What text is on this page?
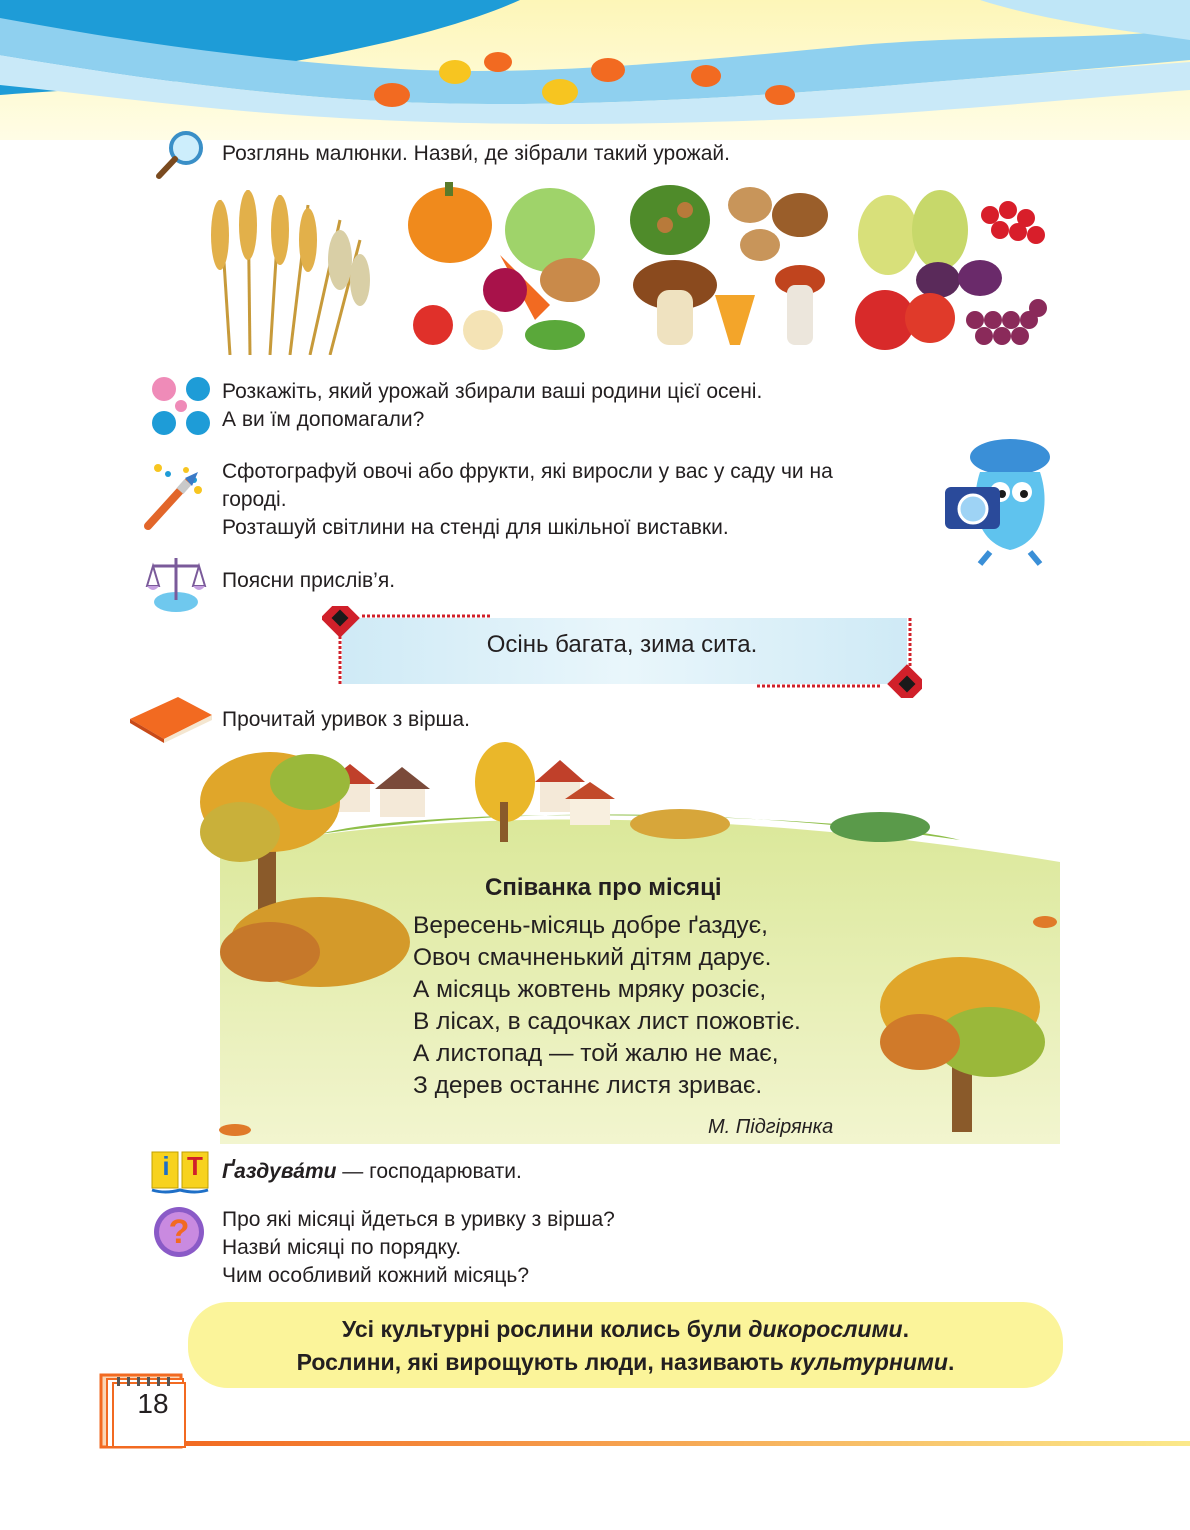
Розглянь малюнки. Назви́, де зібрали такий урожай.
Розкажіть, який урожай збирали ваші родини цієї осені.
А ви їм допомагали?
Сфотографуй овочі або фрукти, які виросли у вас у саду чи на
городі.
Розташуй світлини на стенді для шкільної виставки.
Поясни прислів’я.
Осінь багата, зима сита.
Прочитай уривок з вірша.
Співанка про місяці
Вересень-місяць добре ґаздує,
Овоч смачненький дітям дарує.
А місяць жовтень мряку розсіє,
В лісах, в садочках лист пожовтіє.
А листопад — той жалю не має,
З дерев останнє листя зриває.
М. Підгірянка
і Т Ґаздува́ти — господарювати.
?	Про які місяці йдеться в уривку з вірша?
Назви́ місяці по порядку.
Чим особливий кожний місяць?
Усі культурні рослини колись були дикорослими.
Рослини, які вирощують люди, називають культурними.
18
